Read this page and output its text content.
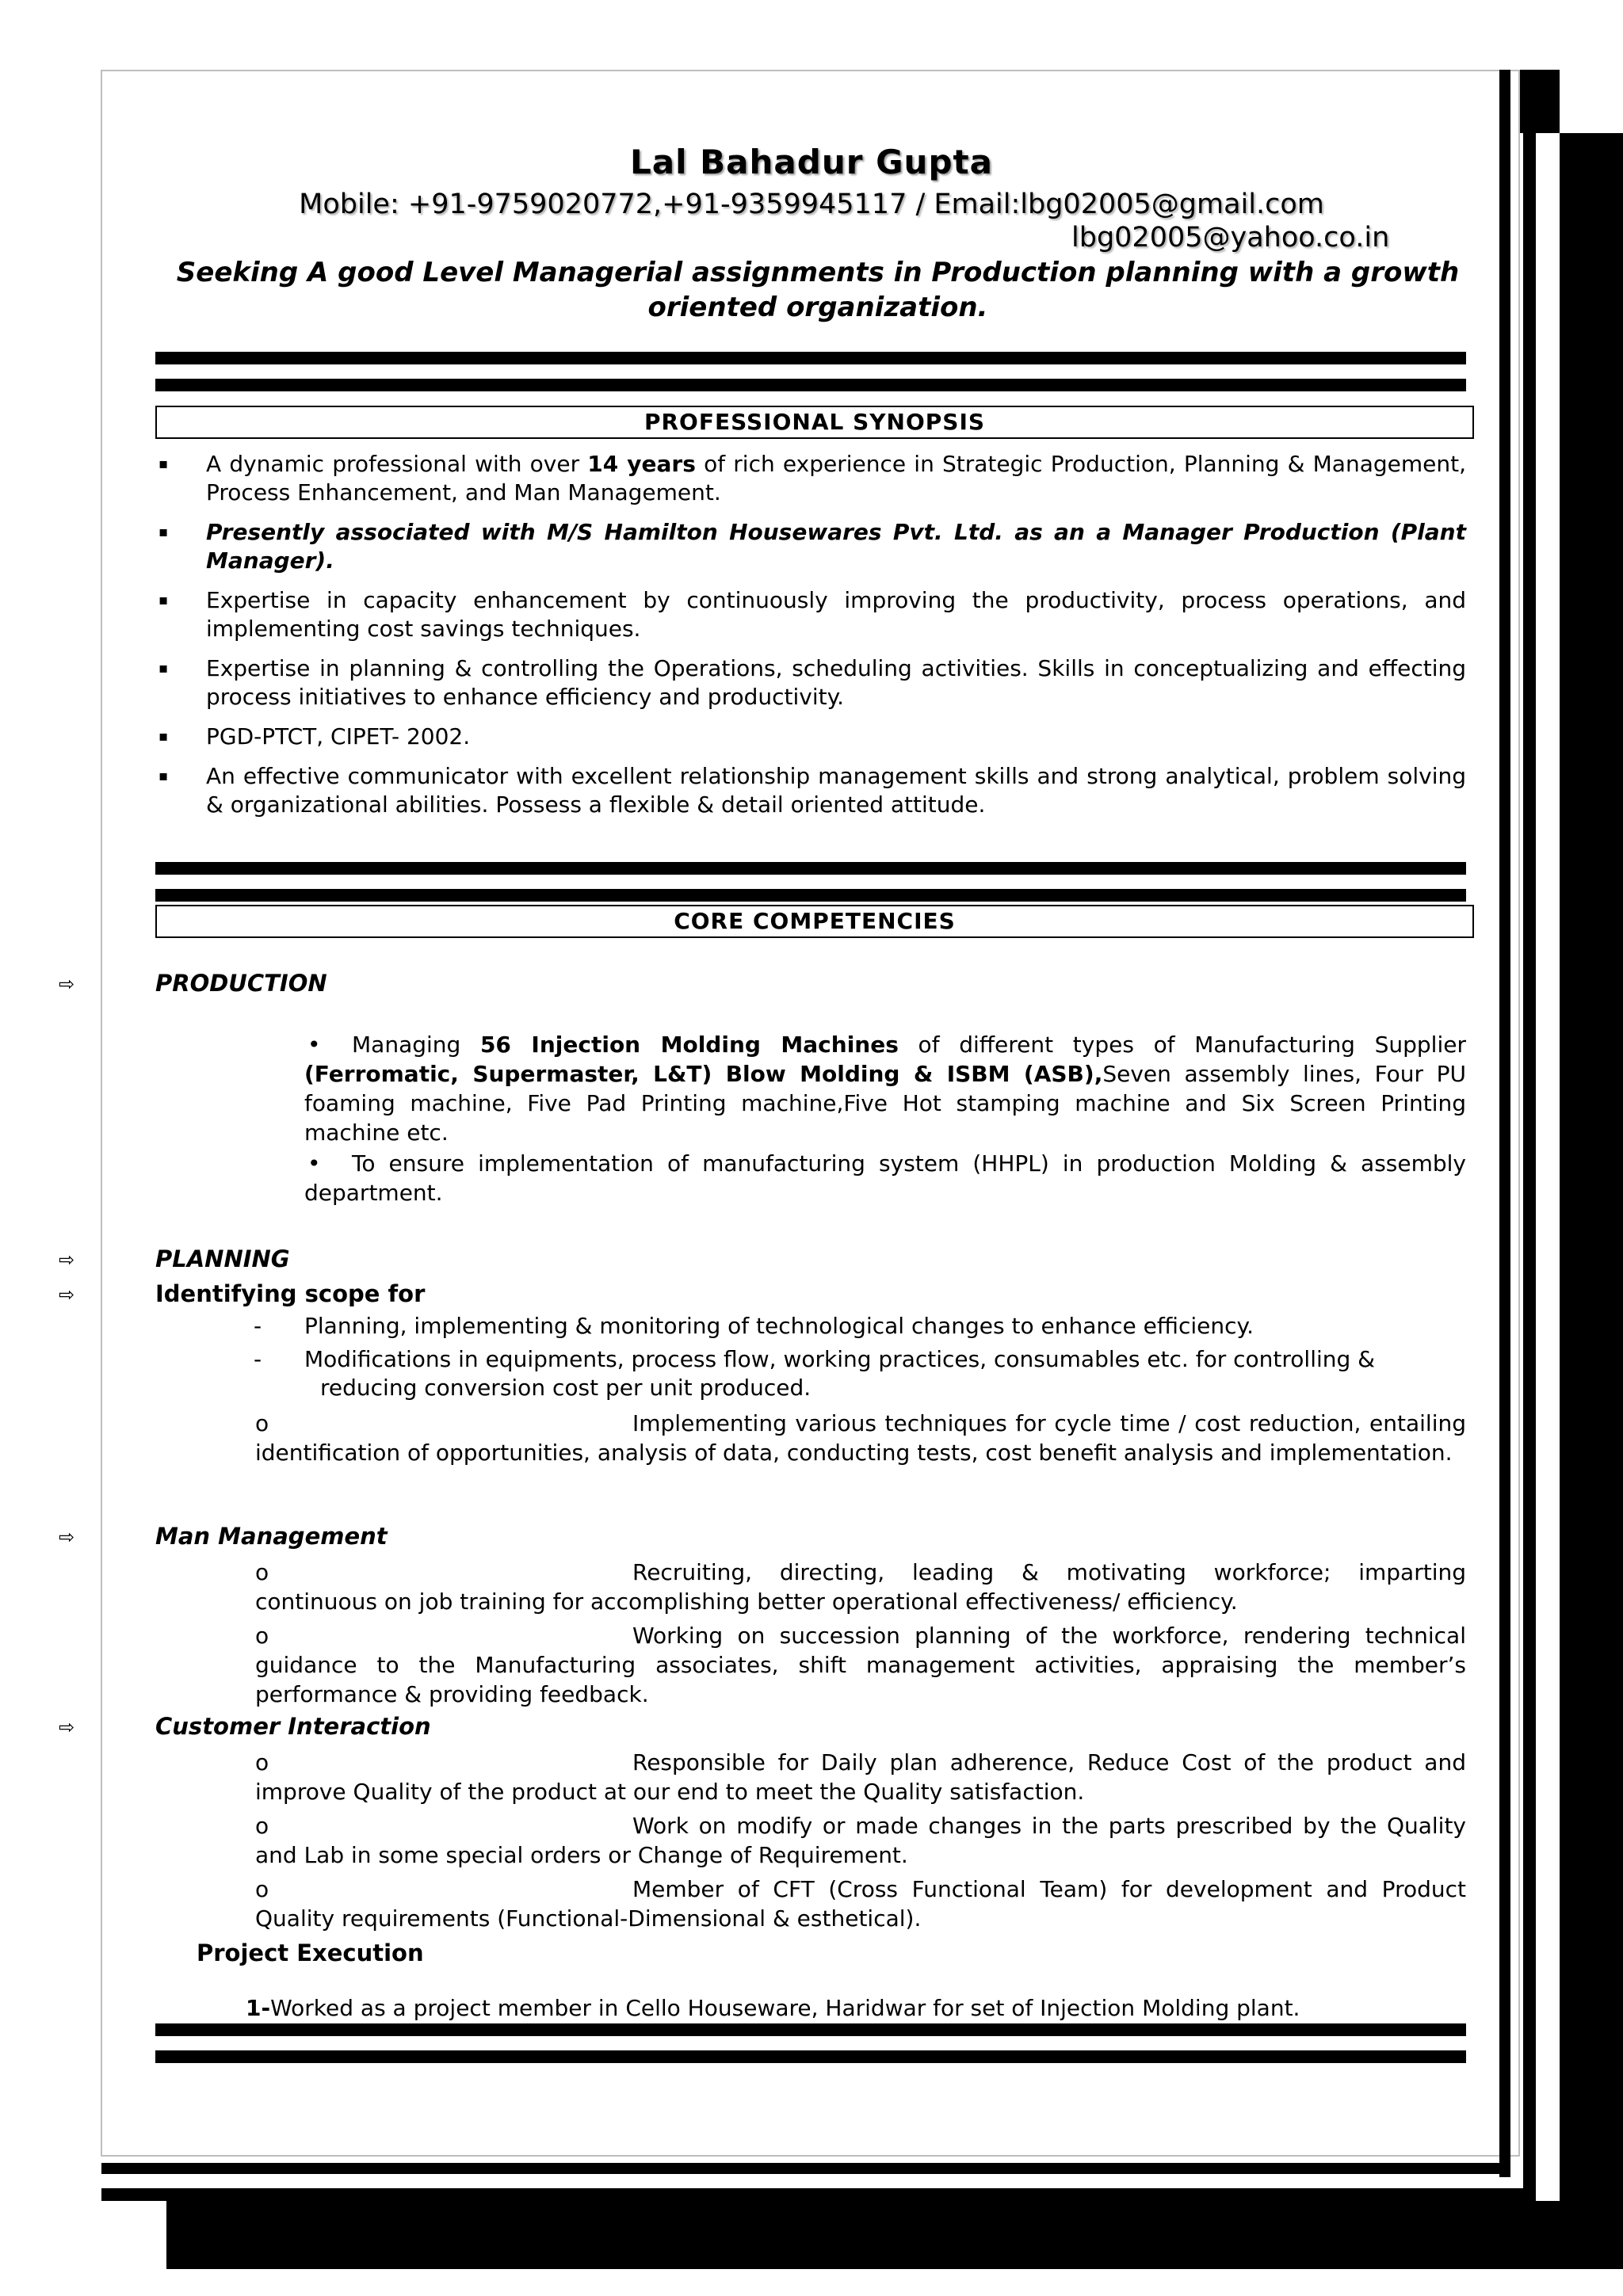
Lal Bahadur Gupta
Mobile: +91-9759020772,+91-9359945117 / Email:lbg02005@gmail.com
lbg02005@yahoo.co.in
Seeking A good Level Managerial assignments in Production planning with a growth oriented organization.
PROFESSIONAL SYNOPSIS
▪ A dynamic professional with over 14 years of rich experience in Strategic Production, Planning & Management, Process Enhancement, and Man Management.
▪ Presently associated with M/S Hamilton Housewares Pvt. Ltd. as an a Manager Production (Plant Manager).
▪ Expertise in capacity enhancement by continuously improving the productivity, process operations, and implementing cost savings techniques.
▪ Expertise in planning & controlling the Operations, scheduling activities. Skills in conceptualizing and effecting process initiatives to enhance efficiency and productivity.
▪ PGD-PTCT, CIPET- 2002.
▪ An effective communicator with excellent relationship management skills and strong analytical, problem solving & organizational abilities. Possess a flexible & detail oriented attitude.
CORE COMPETENCIES
⇨	PRODUCTION
• Managing 56 Injection Molding Machines of different types of Manufacturing Supplier (Ferromatic, Supermaster, L&T) Blow Molding & ISBM (ASB),Seven assembly lines, Four PU foaming machine, Five Pad Printing machine,Five Hot stamping machine and Six Screen Printing machine etc.
• To ensure implementation of manufacturing system (HHPL) in production Molding & assembly department.
⇨	PLANNING
⇨	Identifying scope for
- Planning, implementing & monitoring of technological changes to enhance efficiency.
- Modifications in equipments, process flow, working practices, consumables etc. for controlling &
reducing conversion cost per unit produced.
o	Implementing various techniques for cycle time / cost reduction, entailing identification of opportunities, analysis of data, conducting tests, cost benefit analysis and implementation.
⇨	Man Management
o	Recruiting, directing, leading & motivating workforce; imparting continuous on job training for accomplishing better operational effectiveness/ efficiency.
o	Working on succession planning of the workforce, rendering technical guidance to the Manufacturing associates, shift management activities, appraising the member’s performance & providing feedback.
⇨	Customer Interaction
o	Responsible for Daily plan adherence, Reduce Cost of the product and improve Quality of the product at our end to meet the Quality satisfaction.
o	Work on modify or made changes in the parts prescribed by the Quality and Lab in some special orders or Change of Requirement.
o	Member of CFT (Cross Functional Team) for development and Product Quality requirements (Functional-Dimensional & esthetical).
Project Execution
1-Worked as a project member in Cello Houseware, Haridwar for set of Injection Molding plant.
